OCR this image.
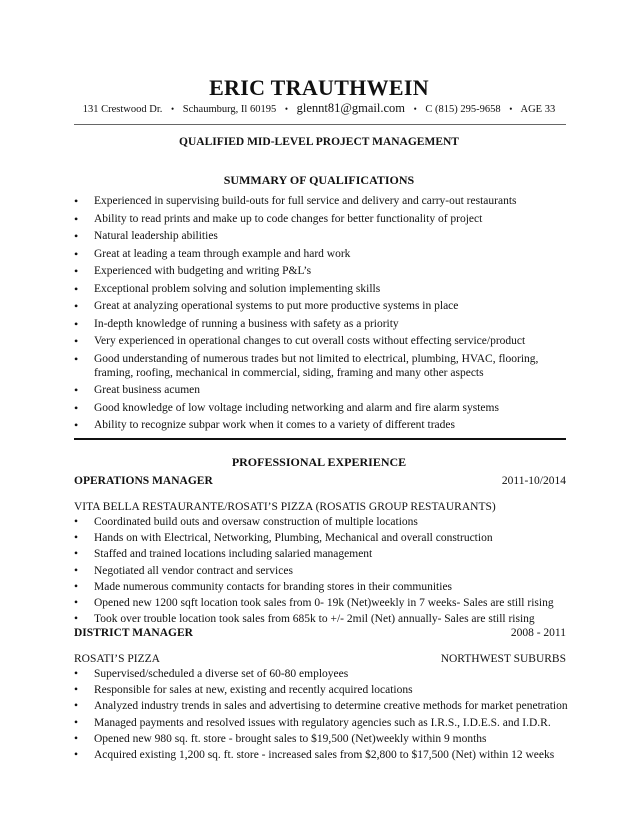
ERIC TRAUTHWEIN
131 Crestwood Dr. • Schaumburg, Il 60195 • glennt81@gmail.com • C (815) 295-9658 • AGE 33
QUALIFIED MID-LEVEL PROJECT MANAGEMENT
SUMMARY OF QUALIFICATIONS
• Experienced in supervising build-outs for full service and delivery and carry-out restaurants
• Ability to read prints and make up to code changes for better functionality of project
• Natural leadership abilities
• Great at leading a team through example and hard work
• Experienced with budgeting and writing P&L’s
• Exceptional problem solving and solution implementing skills
• Great at analyzing operational systems to put more productive systems in place
• In-depth knowledge of running a business with safety as a priority
• Very experienced in operational changes to cut overall costs without effecting service/product
• Good understanding of numerous trades but not limited to electrical, plumbing, HVAC, flooring, framing, roofing, mechanical in commercial, siding, framing and many other aspects
• Great business acumen
• Good knowledge of low voltage including networking and alarm and fire alarm systems
• Ability to recognize subpar work when it comes to a variety of different trades
PROFESSIONAL EXPERIENCE
OPERATIONS MANAGER	2011-10/2014
VITA BELLA RESTAURANTE/ROSATI’S PIZZA (ROSATIS GROUP RESTAURANTS)
• Coordinated build outs and oversaw construction of multiple locations
• Hands on with Electrical, Networking, Plumbing, Mechanical and overall construction
• Staffed and trained locations including salaried management
• Negotiated all vendor contract and services
• Made numerous community contacts for branding stores in their communities
• Opened new 1200 sqft location took sales from 0- 19k (Net)weekly in 7 weeks- Sales are still rising
• Took over trouble location took sales from 685k to +/- 2mil (Net) annually- Sales are still rising
DISTRICT MANAGER	2008 - 2011
ROSATI’S PIZZA	NORTHWEST SUBURBS
• Supervised/scheduled a diverse set of 60-80 employees
• Responsible for sales at new, existing and recently acquired locations
• Analyzed industry trends in sales and advertising to determine creative methods for market penetration
• Managed payments and resolved issues with regulatory agencies such as I.R.S., I.D.E.S. and I.D.R.
• Opened new 980 sq. ft. store - brought sales to $19,500 (Net)weekly within 9 months
• Acquired existing 1,200 sq. ft. store - increased sales from $2,800 to $17,500 (Net) within 12 weeks
